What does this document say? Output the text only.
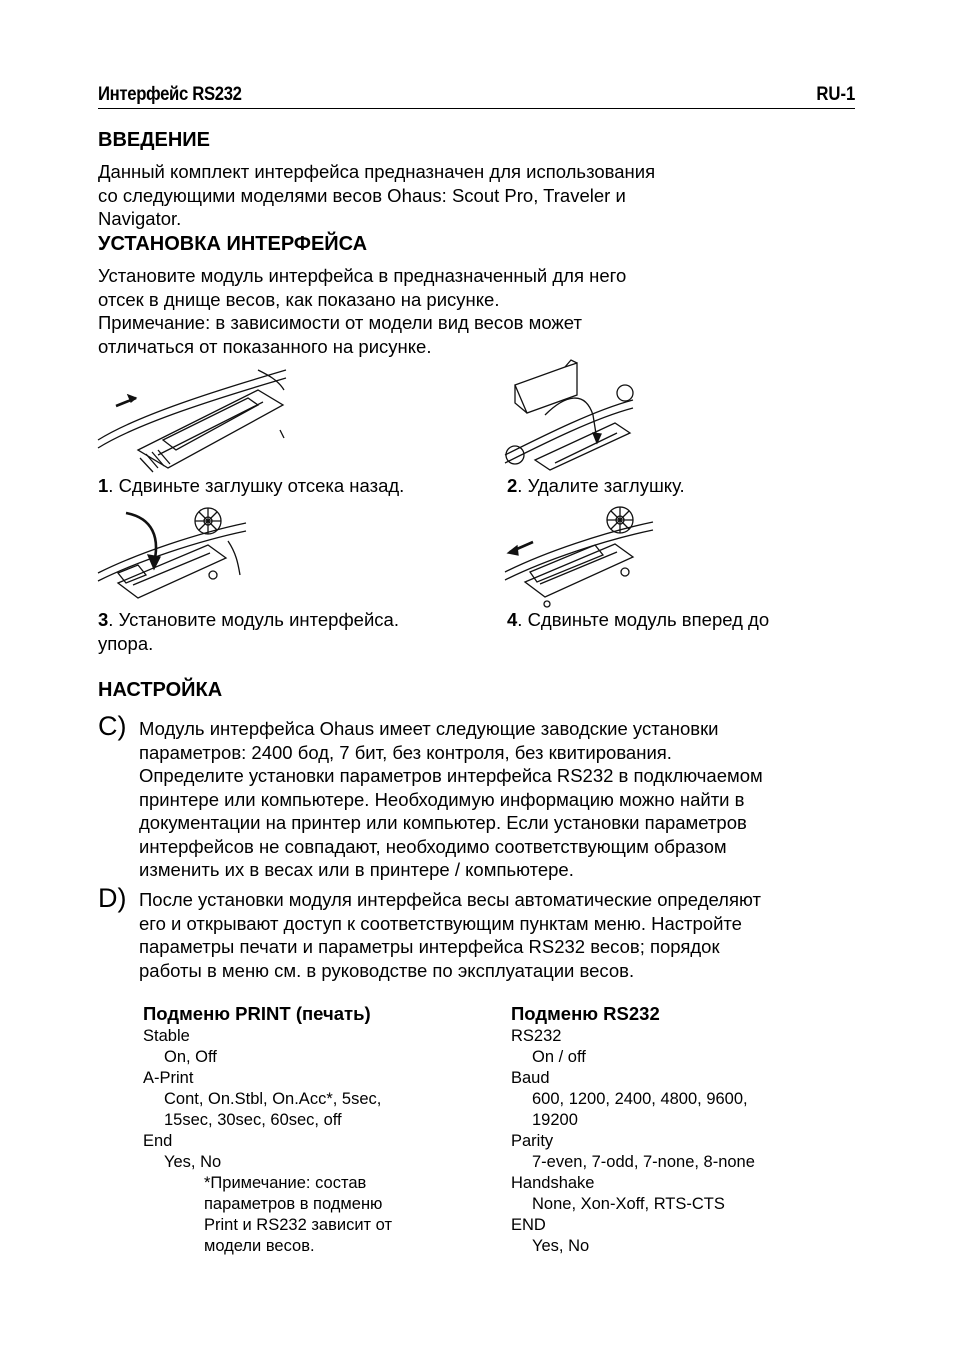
Интерфейс RS232	RU-1
ВВЕДЕНИЕ
Данный комплект интерфейса предназначен для использования
со следующими моделями весов Ohaus: Scout Pro, Traveler и
Navigator.
УСТАНОВКА ИНТЕРФЕЙСА
Установите модуль интерфейса в предназначенный для него
отсек в днище весов, как показано на рисунке.
Примечание: в зависимости от модели вид весов может
отличаться от показанного на рисунке.
1. Сдвиньте заглушку отсека назад.	2. Удалите заглушку.
3. Установите модуль интерфейса.	4. Сдвиньте модуль вперед до
упора.
НАСТРОЙКА
C) Модуль интерфейса Ohaus имеет следующие заводские установки
параметров: 2400 бод, 7 бит, без контроля, без квитирования.
Определите установки параметров интерфейса RS232 в подключаемом
принтере или компьютере. Необходимую информацию можно найти в
документации на принтер или компьютер. Если установки параметров
интерфейсов не совпадают, необходимо соответствующим образом
изменить их в весах или в принтере / компьютере.
D) После установки модуля интерфейса весы автоматические определяют
его и открывают доступ к соответствующим пунктам меню. Настройте
параметры печати и параметры интерфейса RS232 весов; порядок
работы в меню см. в руководстве по эксплуатации весов.
Подменю PRINT (печать)
Stable
On, Off
A-Print
Cont, On.Stbl, On.Acc*, 5sec,
15sec, 30sec, 60sec, off
End
Yes, No
*Примечание: состав
параметров в подменю
Print и RS232 зависит от
модели весов.
Подменю RS232
RS232
On / off
Baud
600, 1200, 2400, 4800, 9600,
19200
Parity
7-even, 7-odd, 7-none, 8-none
Handshake
None, Xon-Xoff, RTS-CTS
END
Yes, No
